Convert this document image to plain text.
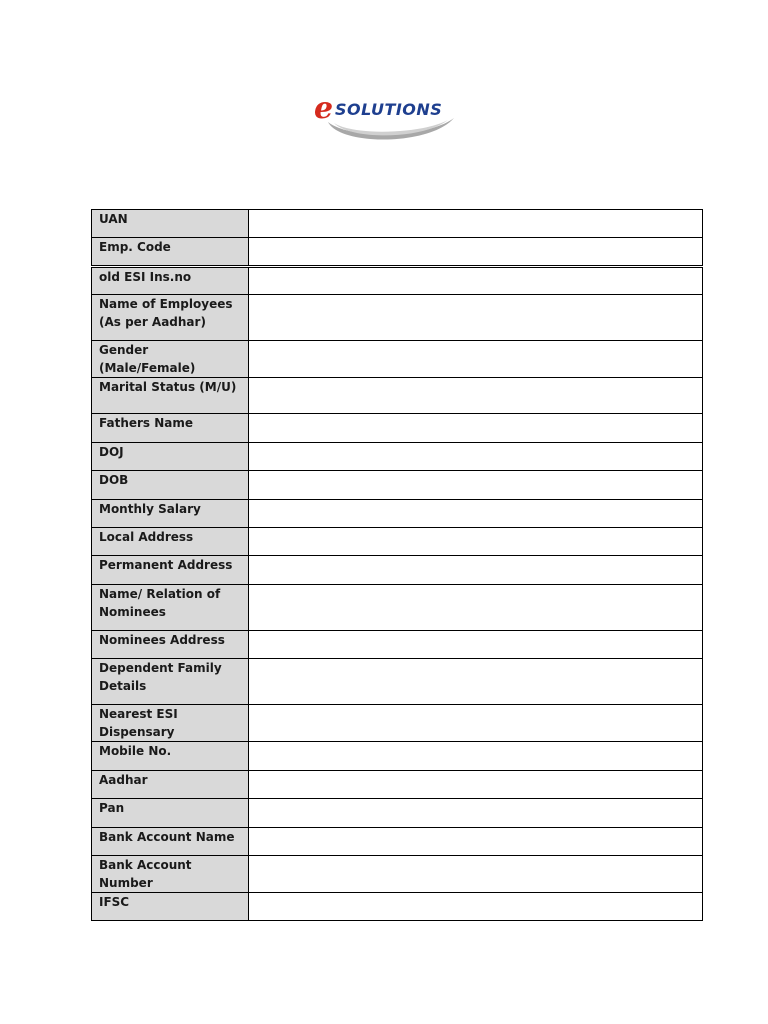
e SOLUTIONS
UAN	
Emp. Code	
old ESI Ins.no	
Name of Employees (As per Aadhar)	
Gender (Male/Female)	
Marital Status (M/U)	
Fathers Name	
DOJ	
DOB	
Monthly Salary	
Local Address	
Permanent Address	
Name/ Relation of Nominees	
Nominees Address	
Dependent Family Details	
Nearest ESI Dispensary	
Mobile No.	
Aadhar	
Pan	
Bank Account Name	
Bank Account Number	
IFSC	
